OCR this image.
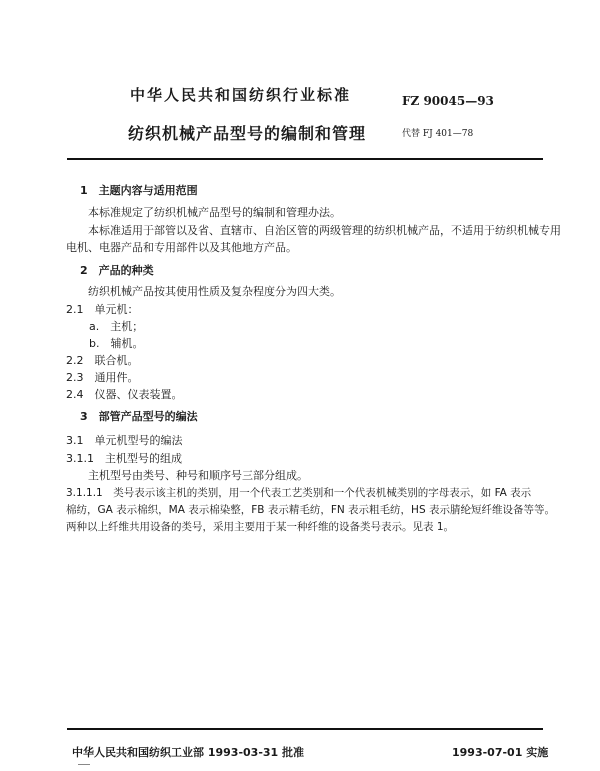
中华人民共和国纺织行业标准	FZ 90045—93
纺织机械产品型号的编制和管理	代替 FJ 401—78
1　主题内容与适用范围
本标准规定了纺织机械产品型号的编制和管理办法。
本标准适用于部管以及省、直辖市、自治区管的两级管理的纺织机械产品，不适用于纺织机械专用
电机、电器产品和专用部件以及其他地方产品。
2　产品的种类
纺织机械产品按其使用性质及复杂程度分为四大类。
2.1　单元机：
a.　主机；
b.　辅机。
2.2　联合机。
2.3　通用件。
2.4　仪器、仪表装置。
3　部管产品型号的编法
3.1　单元机型号的编法
3.1.1　主机型号的组成
主机型号由类号、种号和顺序号三部分组成。
3.1.1.1　类号表示该主机的类别，用一个代表工艺类别和一个代表机械类别的字母表示，如 FA 表示
棉纺，GA 表示棉织，MA 表示棉染整，FB 表示精毛纺，FN 表示粗毛纺，HS 表示腈纶短纤维设备等等。
两种以上纤维共用设备的类号，采用主要用于某一种纤维的设备类号表示。见表 1。
中华人民共和国纺织工业部 1993-03-31 批准	1993-07-01 实施
